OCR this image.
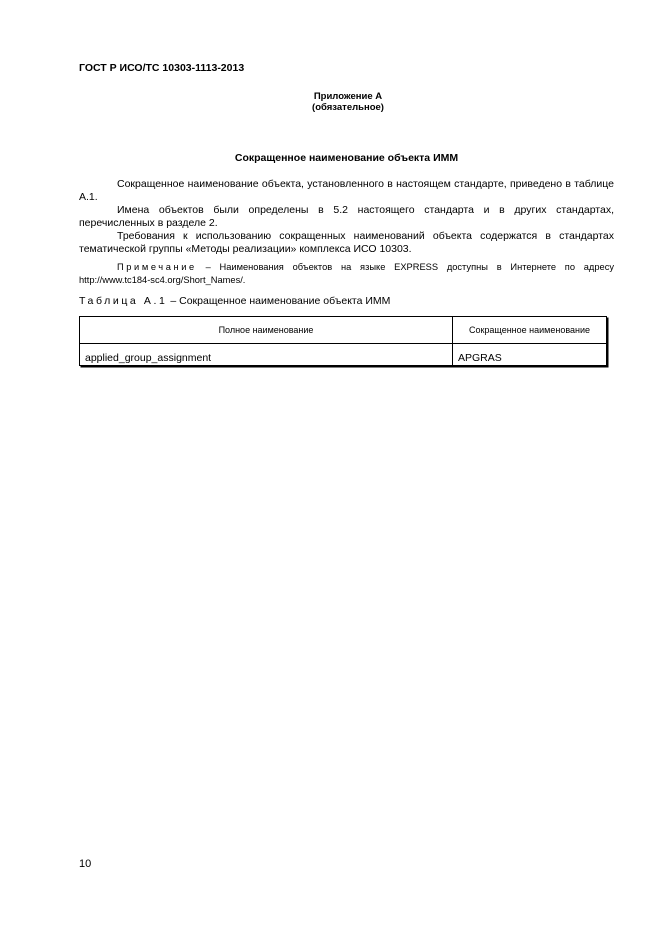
ГОСТ Р ИСО/ТС 10303-1113-2013
Приложение А
(обязательное)
Сокращенное наименование объекта ИММ

Сокращенное наименование объекта, установленного в настоящем стандарте, приведено в таблице А.1.

Имена объектов были определены в 5.2 настоящего стандарта и в других стандартах, перечисленных в разделе 2.

Требования к использованию сокращенных наименований объекта содержатся в стандартах тематической группы «Методы реализации» комплекса ИСО 10303.

Примечание – Наименования объектов на языке EXPRESS доступны в Интернете по адресу http://www.tc184-sc4.org/Short_Names/.

Таблица А.1 – Сокращенное наименование объекта ИММ
Полное наименование	Сокращенное наименование
applied_group_assignment	APGRAS
10
